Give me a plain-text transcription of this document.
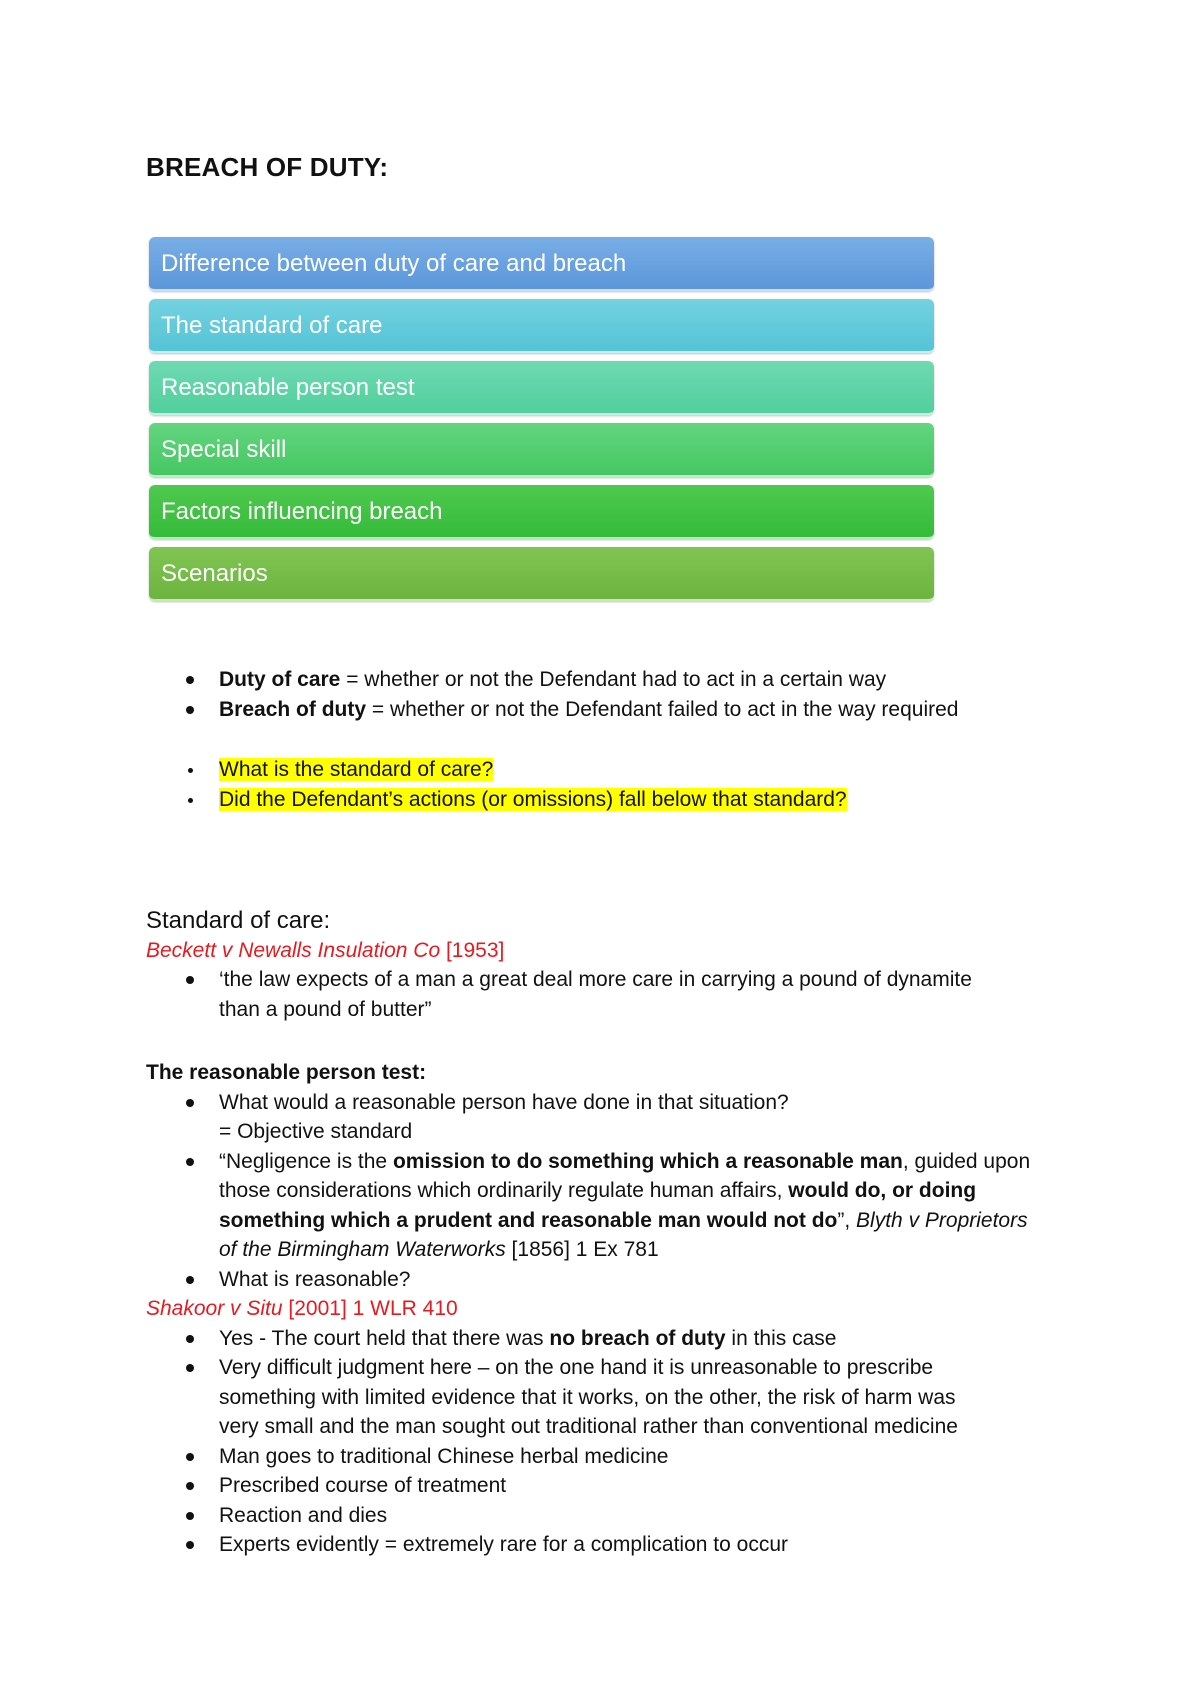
BREACH OF DUTY:
Difference between duty of care and breach
The standard of care
Reasonable person test
Special skill
Factors influencing breach
Scenarios
Duty of care = whether or not the Defendant had to act in a certain way
Breach of duty = whether or not the Defendant failed to act in the way required
What is the standard of care?
Did the Defendant’s actions (or omissions) fall below that standard?
Standard of care:
Beckett v Newalls Insulation Co [1953]
‘the law expects of a man a great deal more care in carrying a pound of dynamite
than a pound of butter”
The reasonable person test:
What would a reasonable person have done in that situation?
= Objective standard
“Negligence is the omission to do something which a reasonable man, guided upon
those considerations which ordinarily regulate human affairs, would do, or doing
something which a prudent and reasonable man would not do”, Blyth v Proprietors
of the Birmingham Waterworks [1856] 1 Ex 781
What is reasonable?
Shakoor v Situ [2001] 1 WLR 410
Yes - The court held that there was no breach of duty in this case
Very difficult judgment here – on the one hand it is unreasonable to prescribe
something with limited evidence that it works, on the other, the risk of harm was
very small and the man sought out traditional rather than conventional medicine
Man goes to traditional Chinese herbal medicine
Prescribed course of treatment
Reaction and dies
Experts evidently = extremely rare for a complication to occur
